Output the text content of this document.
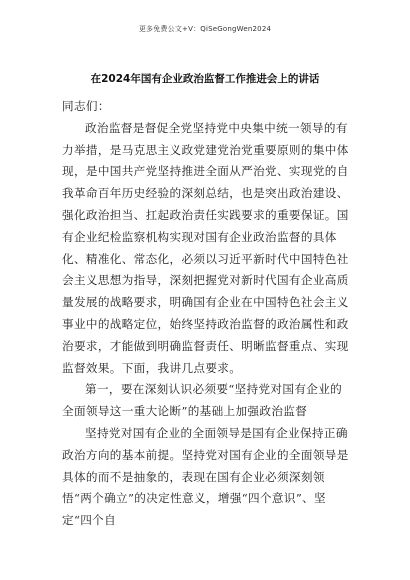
更多免费公文+V：QiSeGongWen2024
在2024年国有企业政治监督工作推进会上的讲话

同志们：

政治监督是督促全党坚持党中央集中统一领导的有力举措，是马克思主义政党建党治党重要原则的集中体现，是中国共产党坚持推进全面从严治党、实现党的自我革命百年历史经验的深刻总结，也是突出政治建设、强化政治担当、扛起政治责任实践要求的重要保证。国有企业纪检监察机构实现对国有企业政治监督的具体化、精准化、常态化，必须以习近平新时代中国特色社会主义思想为指导，深刻把握党对新时代国有企业高质量发展的战略要求，明确国有企业在中国特色社会主义事业中的战略定位，始终坚持政治监督的政治属性和政治要求，才能做到明确监督责任、明晰监督重点、实现监督效果。下面，我讲几点要求。

第一，要在深刻认识必须要“坚持党对国有企业的全面领导这一重大论断”的基础上加强政治监督

坚持党对国有企业的全面领导是国有企业保持正确政治方向的基本前提。坚持党对国有企业的全面领导是具体的而不是抽象的，表现在国有企业必须深刻领悟“两个确立”的决定性意义，增强“四个意识”、坚定“四个自
